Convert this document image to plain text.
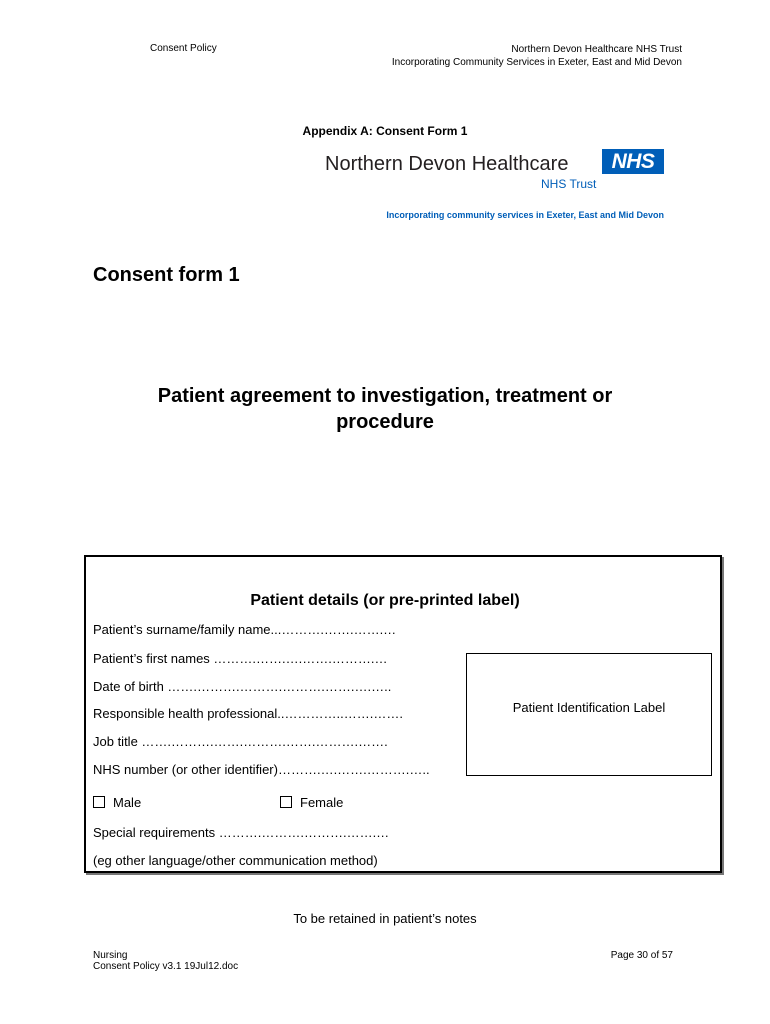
Consent Policy	Northern Devon Healthcare NHS Trust
Incorporating Community Services in Exeter, East and Mid Devon
Appendix A: Consent Form 1
Northern Devon Healthcare	NHS
NHS Trust
Incorporating community services in Exeter, East and Mid Devon
Consent form 1
Patient agreement to investigation, treatment or
procedure
Patient details (or pre-printed label)
Patient’s surname/family name...……….…….…….…
Patient’s first names ……….…….….…….……….…
Date of birth …….……….……….……….…….….…..
Responsible health professional..…………..…….…….
Job title …….……….…….……….…….……….…….
NHS number (or other identifier)……….….…….……….…..
Patient Identification Label
Male	Female
Special requirements ……….……….……….…….…
(eg other language/other communication method)
To be retained in patient’s notes
Nursing
Consent Policy v3.1 19Jul12.doc
Page 30 of 57
